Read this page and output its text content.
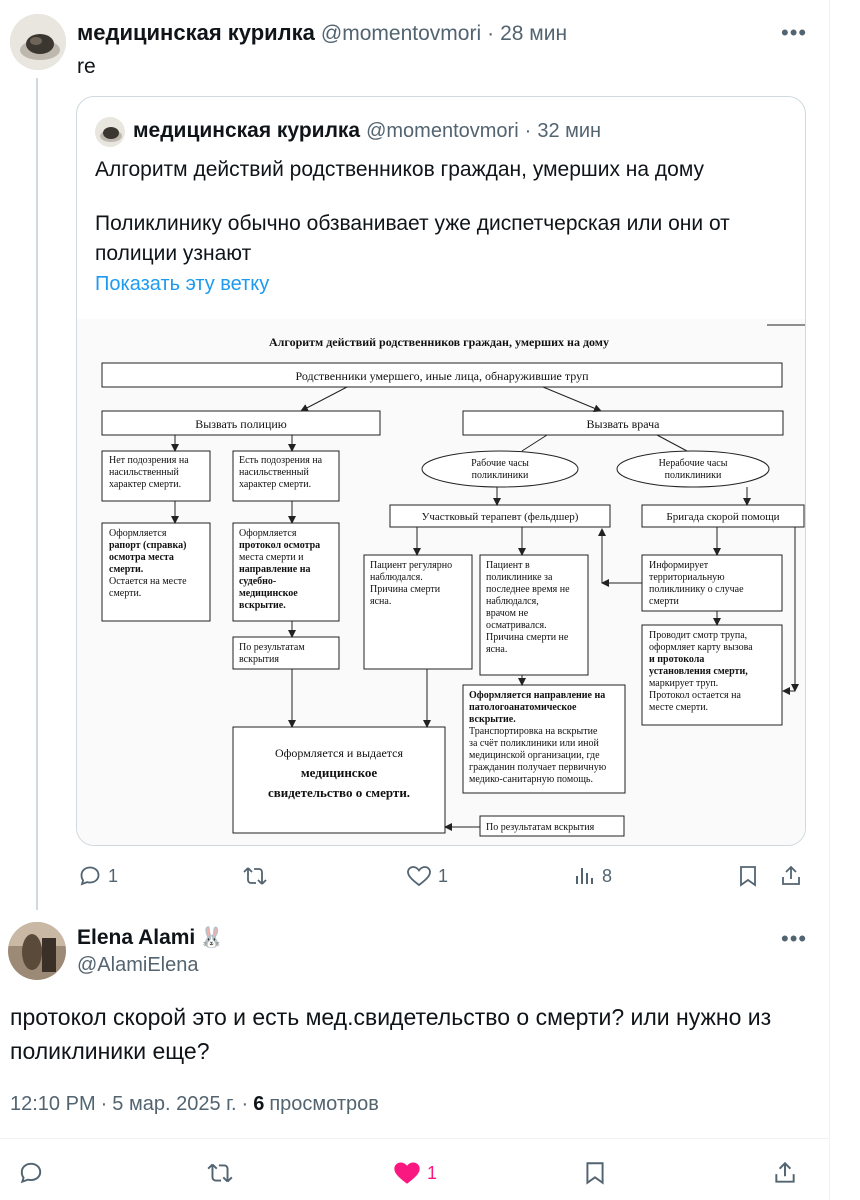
медицинская курилка @momentovmori · 28 мин	•••
re
медицинская курилка @momentovmori · 32 мин
Алгоритм действий родственников граждан, умерших на дому
Поликлинику обычно обзванивает уже диспетчерская или они от полиции узнают
Показать эту ветку
Алгоритм действий родственников граждан, умерших на дому
Родственники умершего, иные лица, обнаружившие труп
Вызвать полицию	Вызвать врача
Рабочие часы
поликлиники
Нерабочие часы
поликлиники
Участковый терапевт (фельдшер)	Бригада скорой помощи
Нет подозрения на
насильственный
характер смерти.
Есть подозрения на
насильственный
характер смерти.
Оформляется
рапорт (справка)
осмотра места
смерти.
Остается на месте
смерти.
Оформляется
протокол осмотра
места смерти и
направление на
судебно-
медицинское
вскрытие.
По результатам
вскрытия
Пациент регулярно
наблюдался.
Причина смерти
ясна.
Пациент в
поликлинике за
последнее время не
наблюдался,
врачом не
осматривался.
Причина смерти не
ясна.
Информирует
территориальную
поликлинику о случае
смерти
Проводит смотр трупа,
оформляет карту вызова
и протокола
установления смерти,
маркирует труп.
Протокол остается на
месте смерти.
Оформляется направление на
патологоанатомическое
вскрытие.
Транспортировка на вскрытие
за счёт поликлиники или иной
медицинской организации, где
гражданин получает первичную
медико-санитарную помощь.
По результатам вскрытия
Оформляется и выдается
медицинское
свидетельство о смерти.
1	1	8
Elena Alami 🐰
@AlamiElena
•••
протокол скорой это и есть мед.свидетельство о смерти? или нужно из поликлиники еще?
12:10 PM · 5 мар. 2025 г. · 6 просмотров
1
